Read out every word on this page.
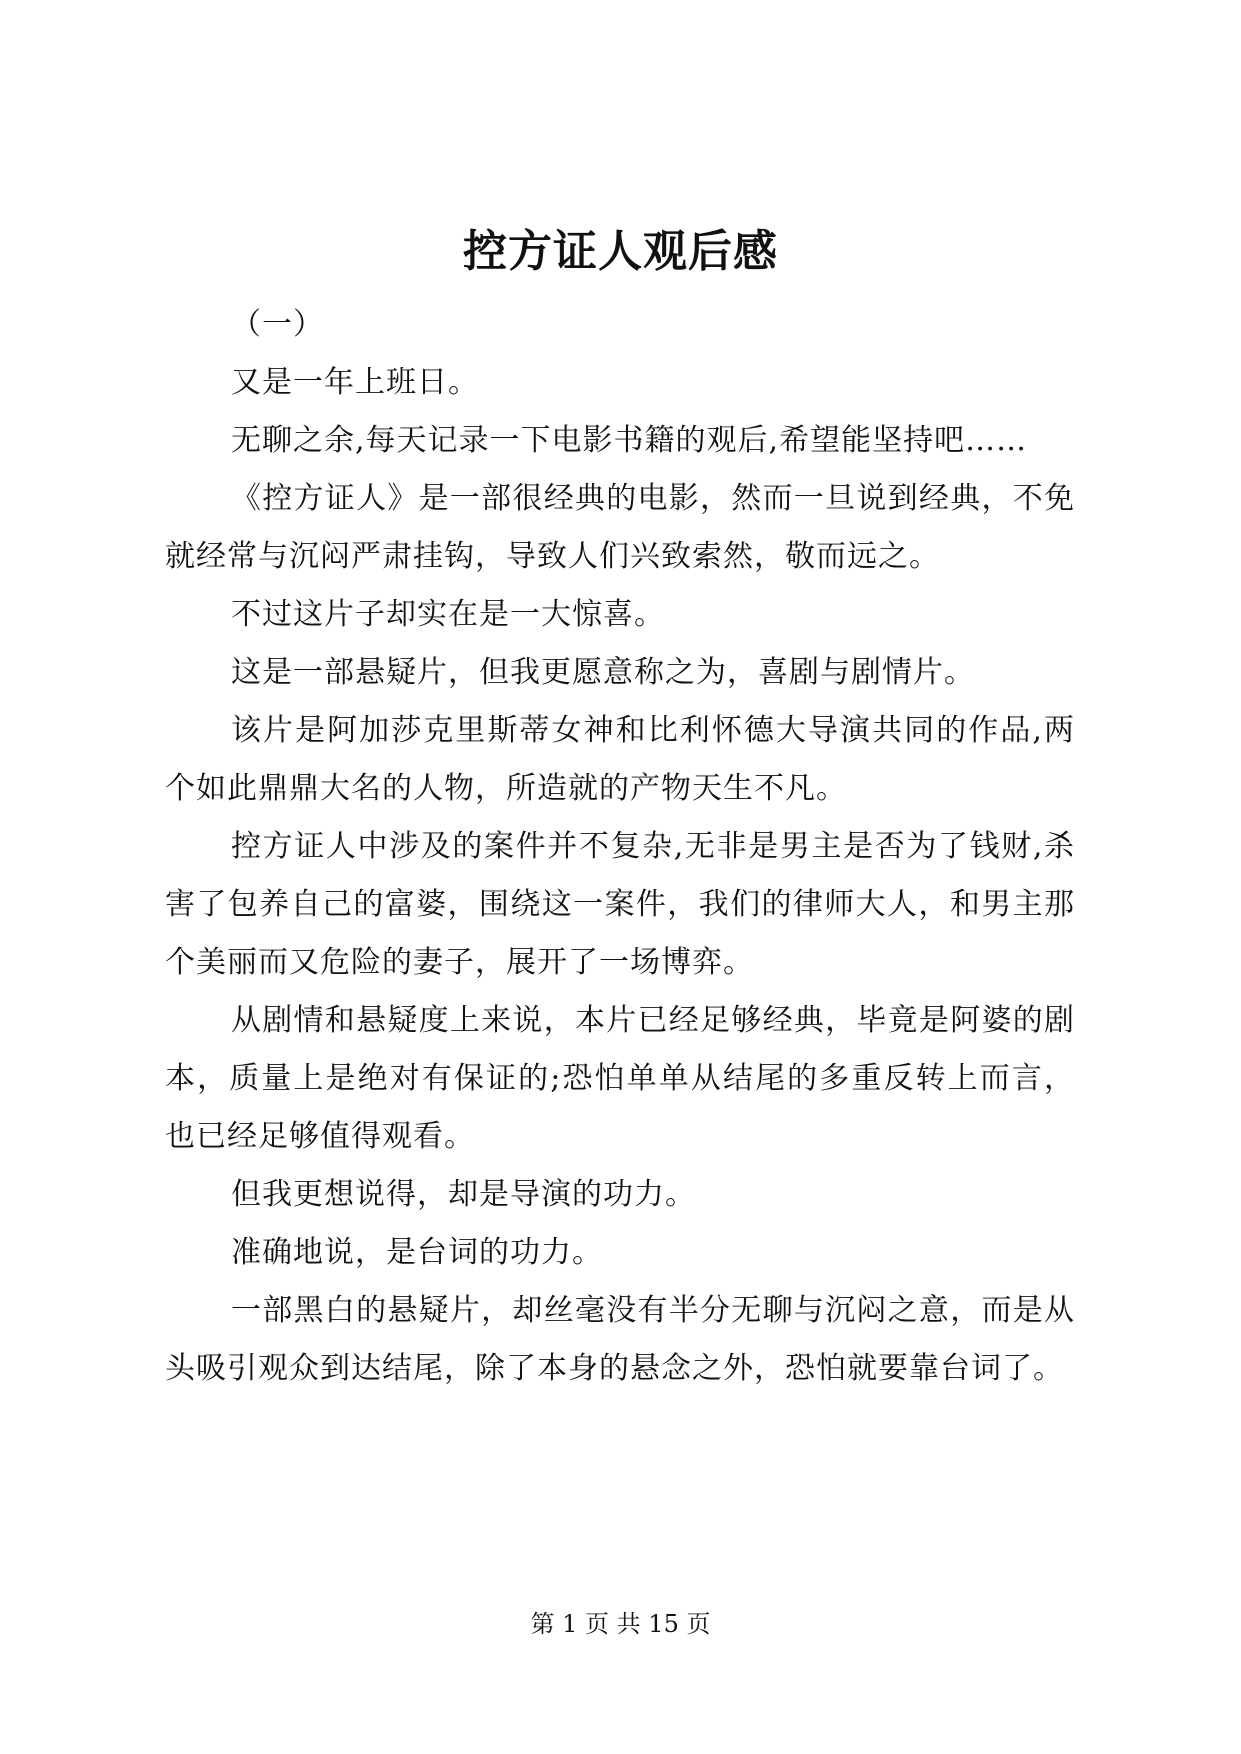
控方证人观后感

（一）

又是一年上班日。

无聊之余,每天记录一下电影书籍的观后,希望能坚持吧……

《控方证人》是一部很经典的电影，然而一旦说到经典，不免就经常与沉闷严肃挂钩，导致人们兴致索然，敬而远之。

不过这片子却实在是一大惊喜。

这是一部悬疑片，但我更愿意称之为，喜剧与剧情片。

该片是阿加莎克里斯蒂女神和比利怀德大导演共同的作品,两个如此鼎鼎大名的人物，所造就的产物天生不凡。

控方证人中涉及的案件并不复杂,无非是男主是否为了钱财,杀害了包养自己的富婆，围绕这一案件，我们的律师大人，和男主那个美丽而又危险的妻子，展开了一场博弈。

从剧情和悬疑度上来说，本片已经足够经典，毕竟是阿婆的剧本，质量上是绝对有保证的;恐怕单单从结尾的多重反转上而言，也已经足够值得观看。

但我更想说得，却是导演的功力。

准确地说，是台词的功力。

一部黑白的悬疑片，却丝毫没有半分无聊与沉闷之意，而是从头吸引观众到达结尾，除了本身的悬念之外，恐怕就要靠台词了。

第 1 页 共 15 页
